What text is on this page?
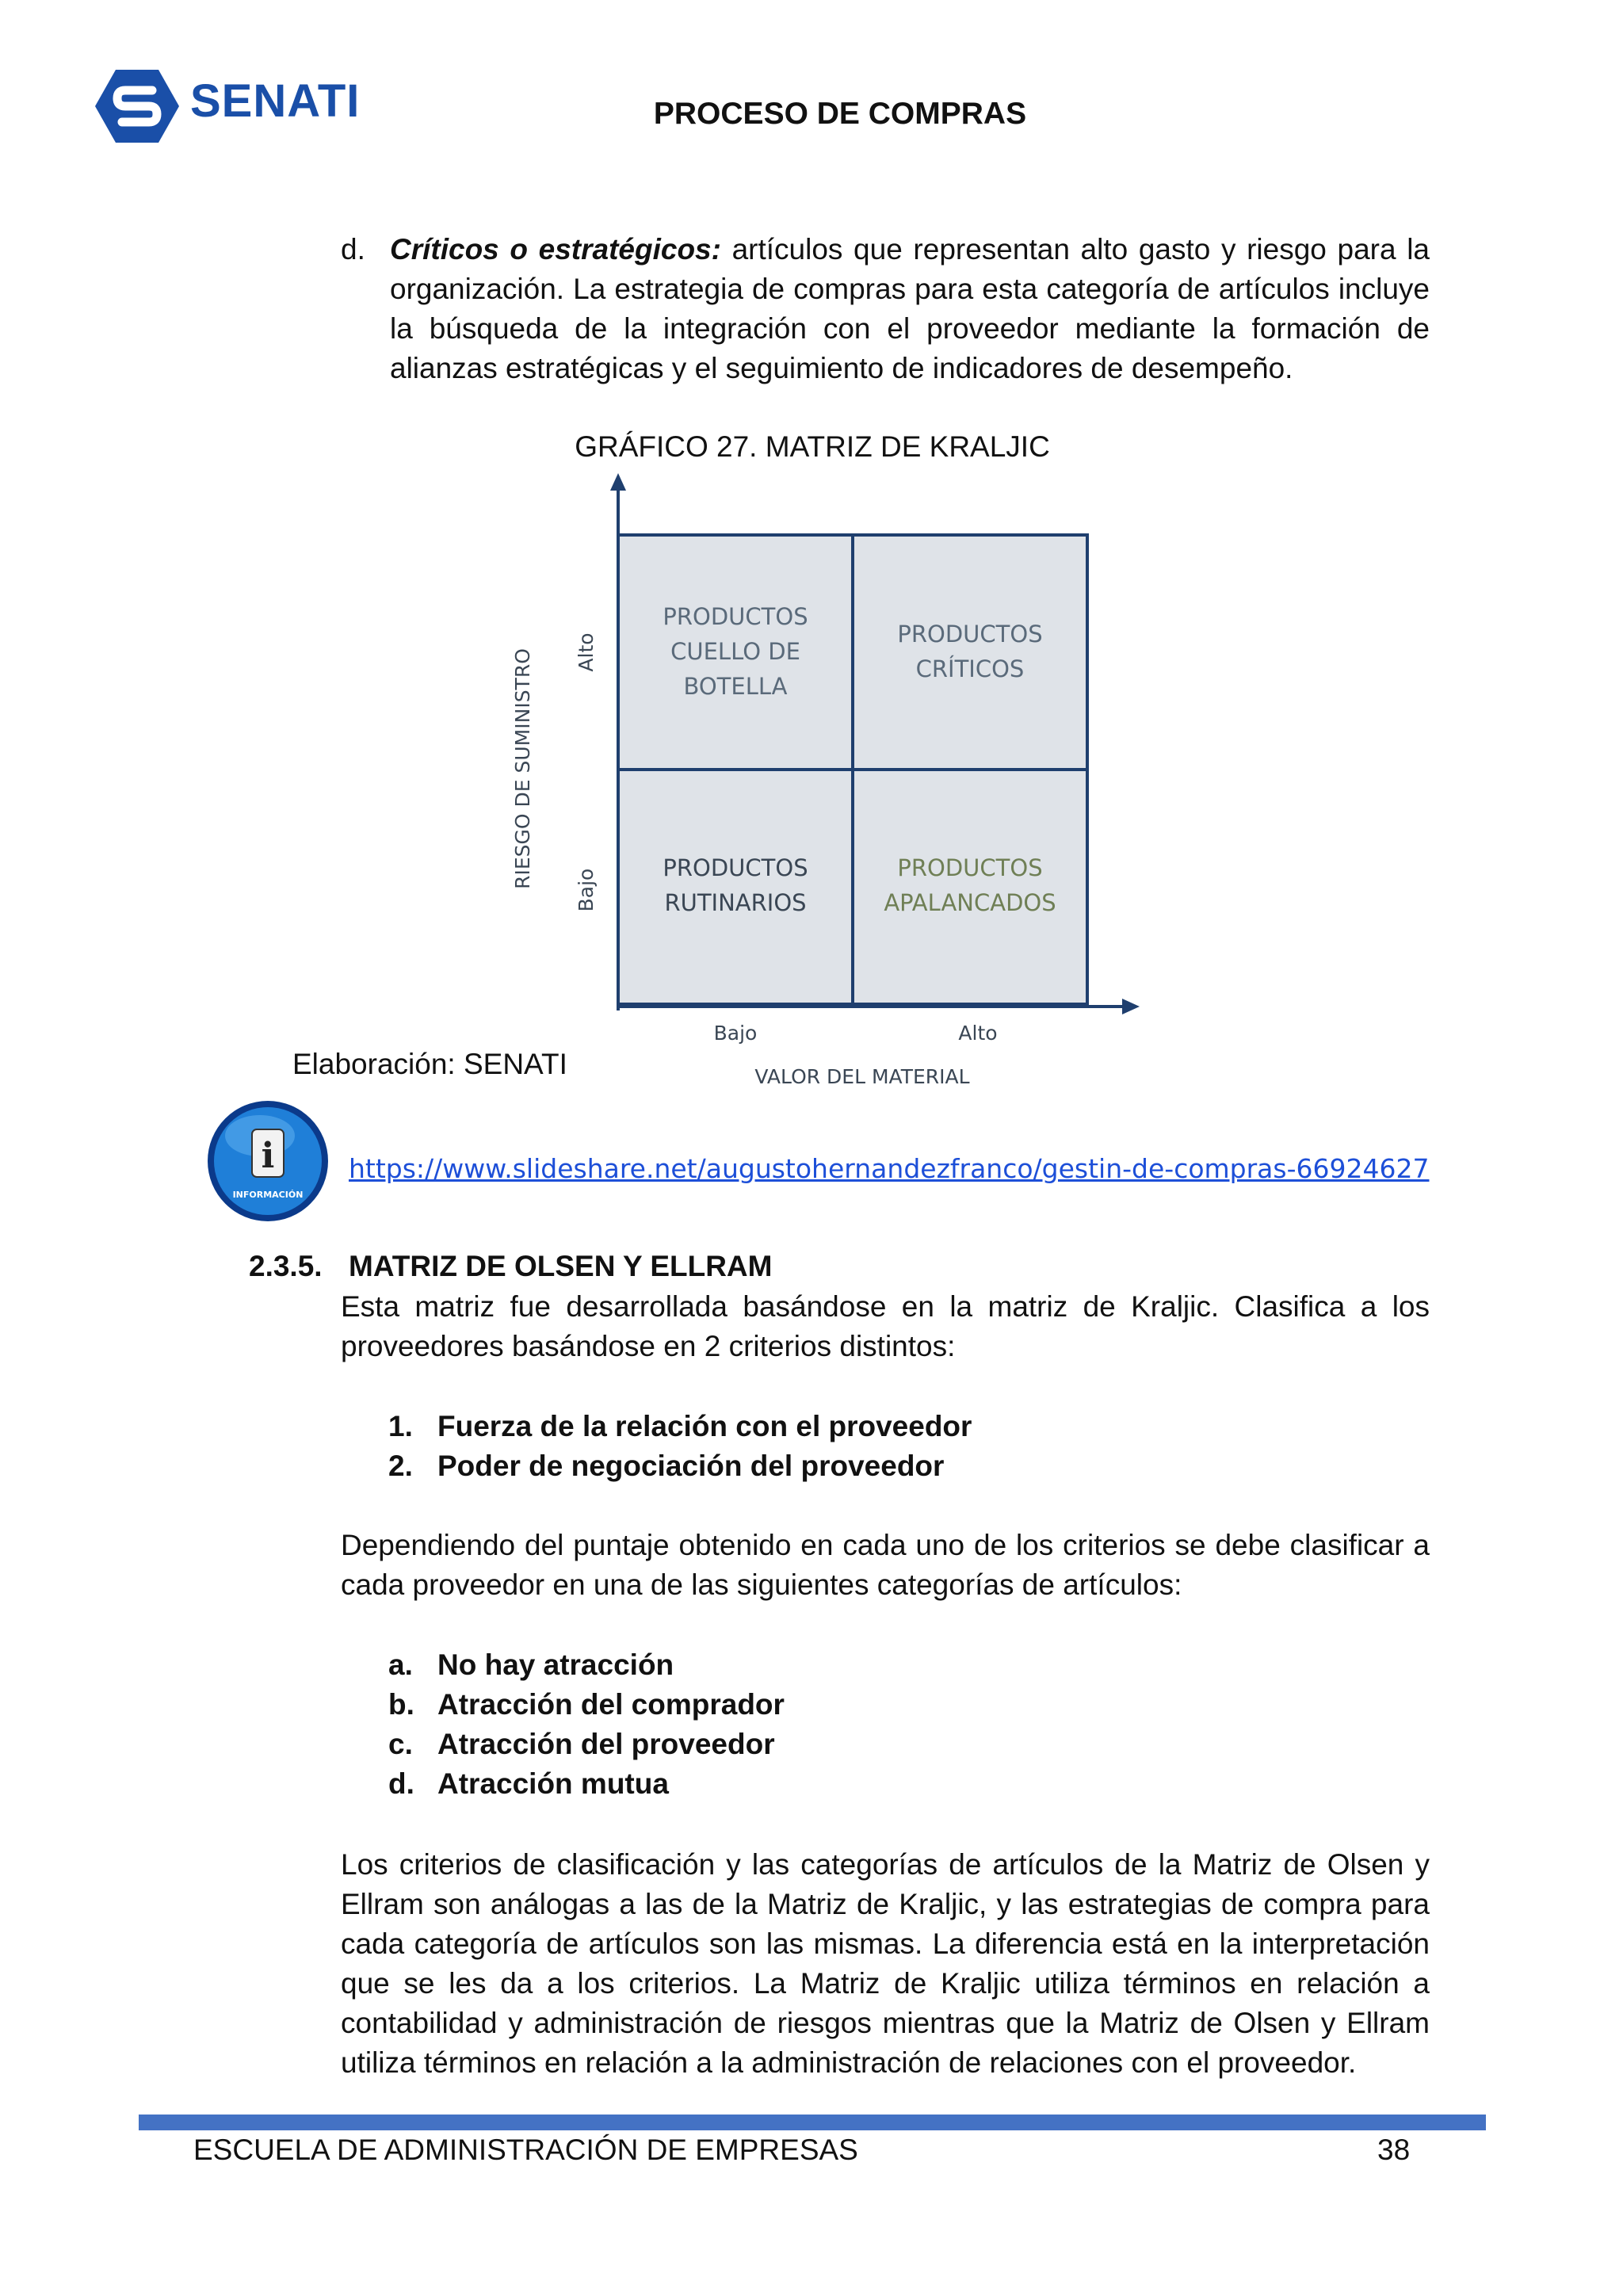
SENATI	PROCESO DE COMPRAS
d. Críticos o estratégicos: artículos que representan alto gasto y riesgo para la organización. La estrategia de compras para esta categoría de artículos incluye la búsqueda de la integración con el proveedor mediante la formación de alianzas estratégicas y el seguimiento de indicadores de desempeño.

GRÁFICO 27. MATRIZ DE KRALJIC
PRODUCTOS
CUELLO DE
BOTELLA
PRODUCTOS
CRÍTICOS
PRODUCTOS
RUTINARIOS
PRODUCTOS
APALANCADOS
RIESGO DE SUMINISTRO Alto
Bajo
Bajo	Alto
VALOR DEL MATERIAL
Elaboración: SENATI
i
INFORMACIÓN
https://www.slideshare.net/augustohernandezfranco/gestin-de-compras-66924627
2.3.5. MATRIZ DE OLSEN Y ELLRAM

Esta matriz fue desarrollada basándose en la matriz de Kraljic. Clasifica a los proveedores basándose en 2 criterios distintos:

1. Fuerza de la relación con el proveedor
2. Poder de negociación del proveedor

Dependiendo del puntaje obtenido en cada uno de los criterios se debe clasificar a cada proveedor en una de las siguientes categorías de artículos:

a. No hay atracción
b. Atracción del comprador
c. Atracción del proveedor
d. Atracción mutua

Los criterios de clasificación y las categorías de artículos de la Matriz de Olsen y Ellram son análogas a las de la Matriz de Kraljic, y las estrategias de compra para cada categoría de artículos son las mismas. La diferencia está en la interpretación que se les da a los criterios. La Matriz de Kraljic utiliza términos en relación a contabilidad y administración de riesgos mientras que la Matriz de Olsen y Ellram utiliza términos en relación a la administración de relaciones con el proveedor.

ESCUELA DE ADMINISTRACIÓN DE EMPRESAS	38
